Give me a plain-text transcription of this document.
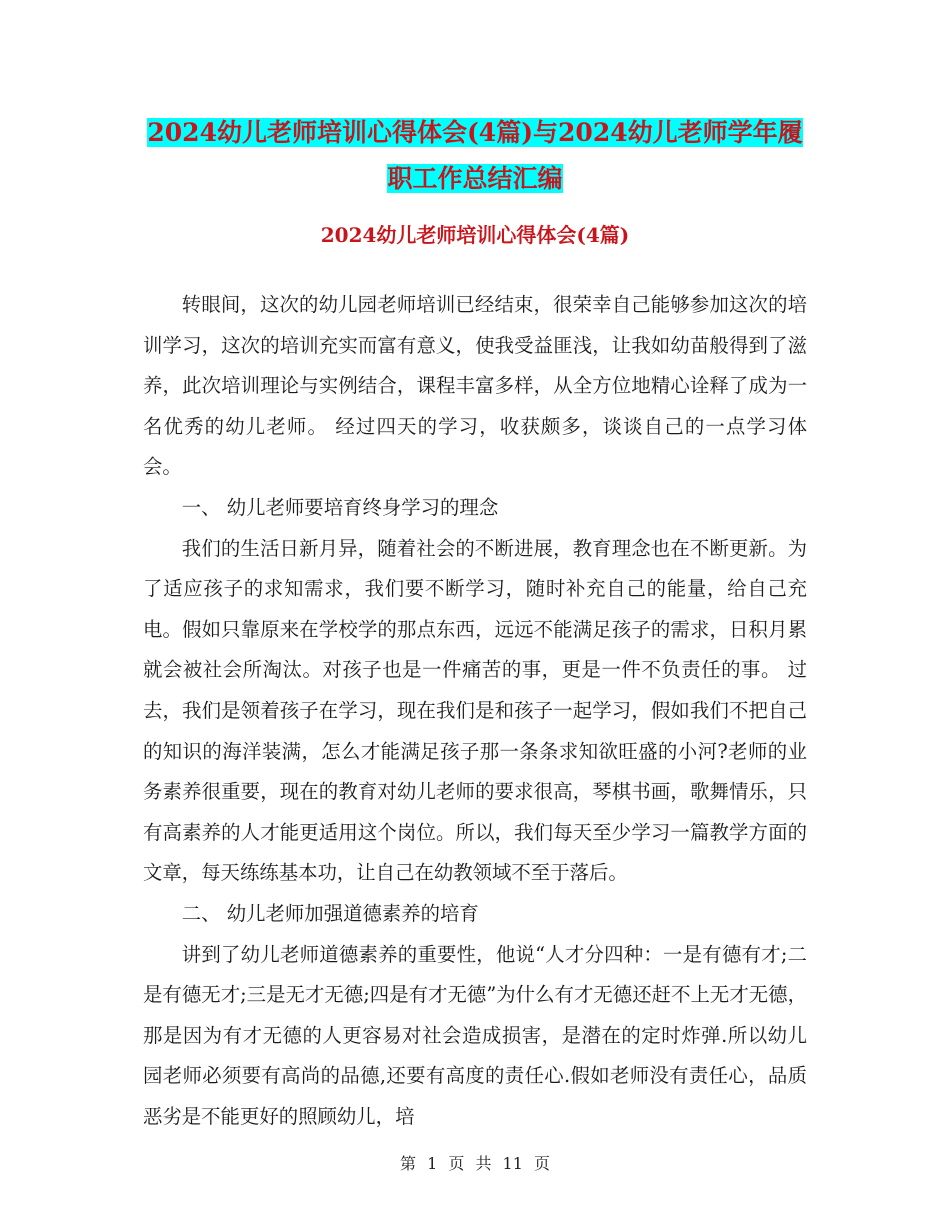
2024幼儿老师培训心得体会(4篇)与2024幼儿老师学年履职工作总结汇编
2024幼儿老师培训心得体会(4篇)

转眼间，这次的幼儿园老师培训已经结束，很荣幸自己能够参加这次的培训学习，这次的培训充实而富有意义，使我受益匪浅，让我如幼苗般得到了滋养，此次培训理论与实例结合，课程丰富多样，从全方位地精心诠释了成为一名优秀的幼儿老师。 经过四天的学习，收获颇多，谈谈自己的一点学习体会。

一、 幼儿老师要培育终身学习的理念

我们的生活日新月异，随着社会的不断进展，教育理念也在不断更新。为了适应孩子的求知需求，我们要不断学习，随时补充自己的能量，给自己充电。假如只靠原来在学校学的那点东西，远远不能满足孩子的需求，日积月累就会被社会所淘汰。对孩子也是一件痛苦的事，更是一件不负责任的事。 过去，我们是领着孩子在学习，现在我们是和孩子一起学习，假如我们不把自己的知识的海洋装满，怎么才能满足孩子那一条条求知欲旺盛的小河?老师的业务素养很重要，现在的教育对幼儿老师的要求很高，琴棋书画，歌舞情乐，只有高素养的人才能更适用这个岗位。所以，我们每天至少学习一篇教学方面的文章，每天练练基本功，让自己在幼教领域不至于落后。

二、 幼儿老师加强道德素养的培育

讲到了幼儿老师道德素养的重要性，他说“人才分四种：一是有德有才;二是有德无才;三是无才无德;四是有才无德”为什么有才无德还赶不上无才无德，那是因为有才无德的人更容易对社会造成损害，是潜在的定时炸弹.所以幼儿园老师必须要有高尚的品德,还要有高度的责任心.假如老师没有责任心，品质恶劣是不能更好的照顾幼儿，培

第 1 页 共 11 页
